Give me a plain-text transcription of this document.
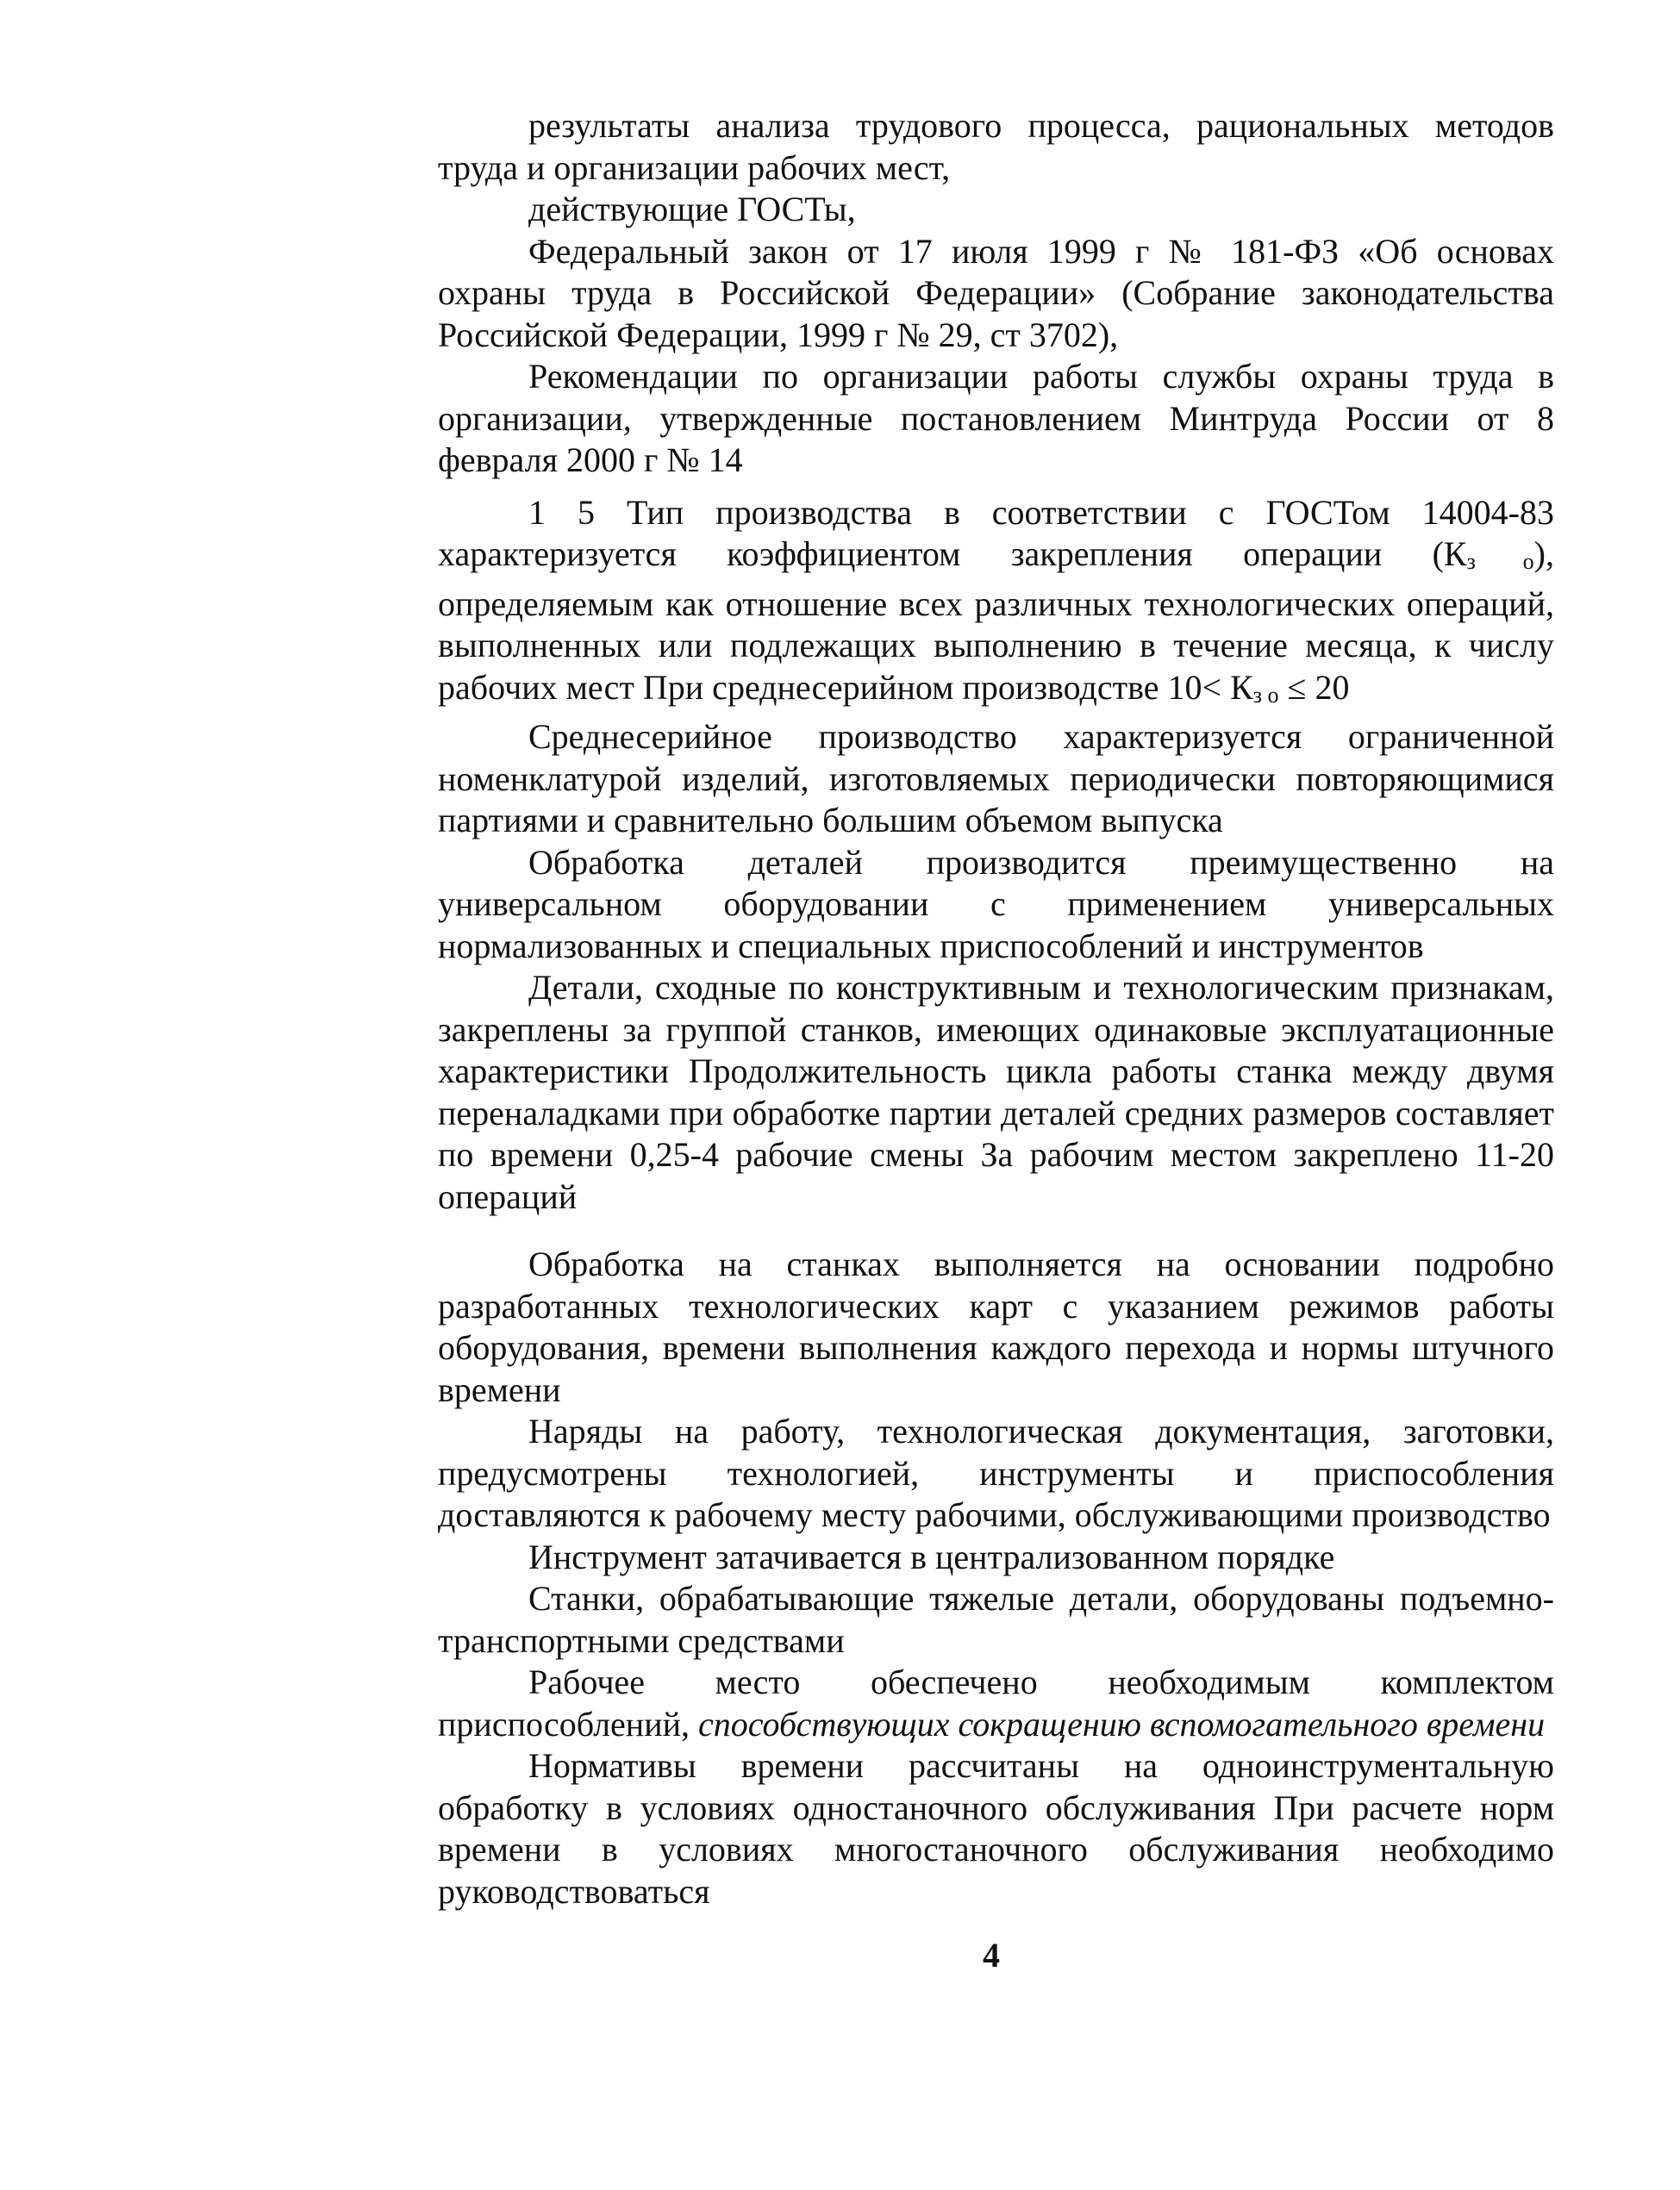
результаты анализа трудового процесса, рациональных методов труда и организации рабочих мест,

действующие ГОСТы,

Федеральный закон от 17 июля 1999 г № 181-ФЗ «Об основах охраны труда в Российской Федерации» (Собрание законодательства Российской Федерации, 1999 г № 29, ст 3702),

Рекомендации по организации работы службы охраны труда в организации, утвержденные постановлением Минтруда России от 8 февраля 2000 г № 14

1 5 Тип производства в соответствии с ГОСТом 14004-83 характеризуется коэффициентом закрепления операции (Кз о), определяемым как отношение всех различных технологических операций, выполненных или подлежащих выполнению в течение месяца, к числу рабочих мест При среднесерийном производстве 10< Кз о ≤ 20

Среднесерийное производство характеризуется ограниченной номенклатурой изделий, изготовляемых периодически повторяющимися партиями и сравнительно большим объемом выпуска

Обработка деталей производится преимущественно на универсальном оборудовании с применением универсальных нормализованных и специальных приспособлений и инструментов

Детали, сходные по конструктивным и технологическим признакам, закреплены за группой станков, имеющих одинаковые эксплуатационные характеристики Продолжительность цикла работы станка между двумя переналадками при обработке партии деталей средних размеров составляет по времени 0,25-4 рабочие смены За рабочим местом закреплено 11-20 операций

Обработка на станках выполняется на основании подробно разработанных технологических карт с указанием режимов работы оборудования, времени выполнения каждого перехода и нормы штучного времени

Наряды на работу, технологическая документация, заготовки, предусмотрены технологией, инструменты и приспособления доставляются к рабочему месту рабочими, обслуживающими производство

Инструмент затачивается в централизованном порядке

Станки, обрабатывающие тяжелые детали, оборудованы подъемно-транспортными средствами

Рабочее место обеспечено необходимым комплектом приспособлений, способствующих сокращению вспомогательного времени

Нормативы времени рассчитаны на одноинструментальную обработку в условиях одностаночного обслуживания При расчете норм времени в условиях многостаночного обслуживания необходимо руководствоваться

4
